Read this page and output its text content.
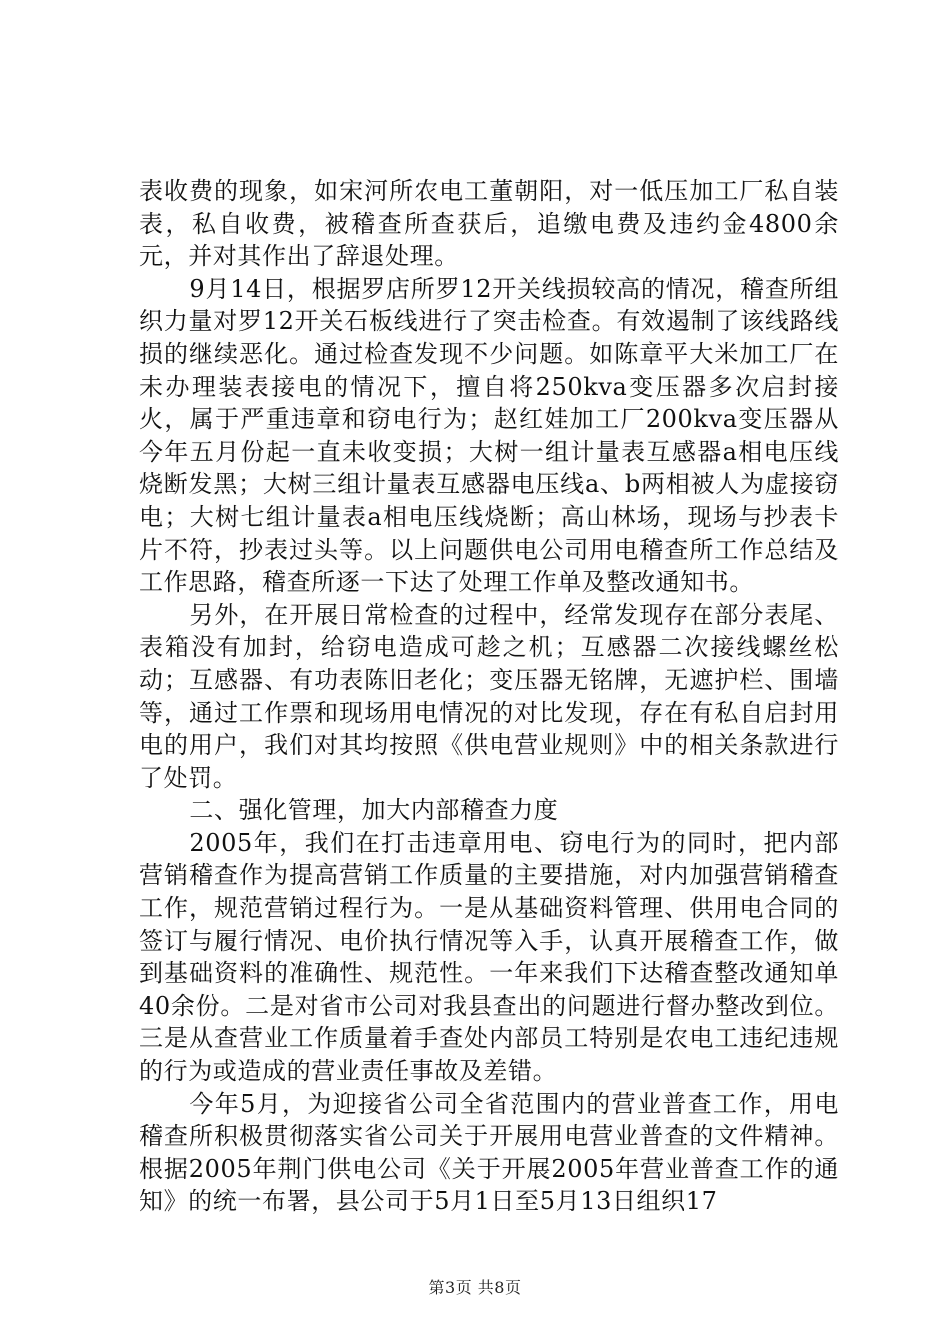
表收费的现象，如宋河所农电工董朝阳，对一低压加工厂私自装表，私自收费，被稽查所查获后，追缴电费及违约金4800余元，并对其作出了辞退处理。

9月14日，根据罗店所罗12开关线损较高的情况，稽查所组织力量对罗12开关石板线进行了突击检查。有效遏制了该线路线损的继续恶化。通过检查发现不少问题。如陈章平大米加工厂在未办理装表接电的情况下，擅自将250kva变压器多次启封接火，属于严重违章和窃电行为；赵红娃加工厂200kva变压器从今年五月份起一直未收变损；大树一组计量表互感器a相电压线烧断发黑；大树三组计量表互感器电压线a、b两相被人为虚接窃电；大树七组计量表a相电压线烧断；高山林场，现场与抄表卡片不符，抄表过头等。以上问题供电公司用电稽查所工作总结及工作思路，稽查所逐一下达了处理工作单及整改通知书。

另外，在开展日常检查的过程中，经常发现存在部分表尾、表箱没有加封，给窃电造成可趁之机；互感器二次接线螺丝松动；互感器、有功表陈旧老化；变压器无铭牌，无遮护栏、围墙等，通过工作票和现场用电情况的对比发现，存在有私自启封用电的用户，我们对其均按照《供电营业规则》中的相关条款进行了处罚。

二、强化管理，加大内部稽查力度

2005年，我们在打击违章用电、窃电行为的同时，把内部营销稽查作为提高营销工作质量的主要措施，对内加强营销稽查工作，规范营销过程行为。一是从基础资料管理、供用电合同的签订与履行情况、电价执行情况等入手，认真开展稽查工作，做到基础资料的准确性、规范性。一年来我们下达稽查整改通知单40余份。二是对省市公司对我县查出的问题进行督办整改到位。三是从查营业工作质量着手查处内部员工特别是农电工违纪违规的行为或造成的营业责任事故及差错。

今年5月，为迎接省公司全省范围内的营业普查工作，用电稽查所积极贯彻落实省公司关于开展用电营业普查的文件精神。根据2005年荆门供电公司《关于开展2005年营业普查工作的通知》的统一布署，县公司于5月1日至5月13日组织17

第3页 共8页
